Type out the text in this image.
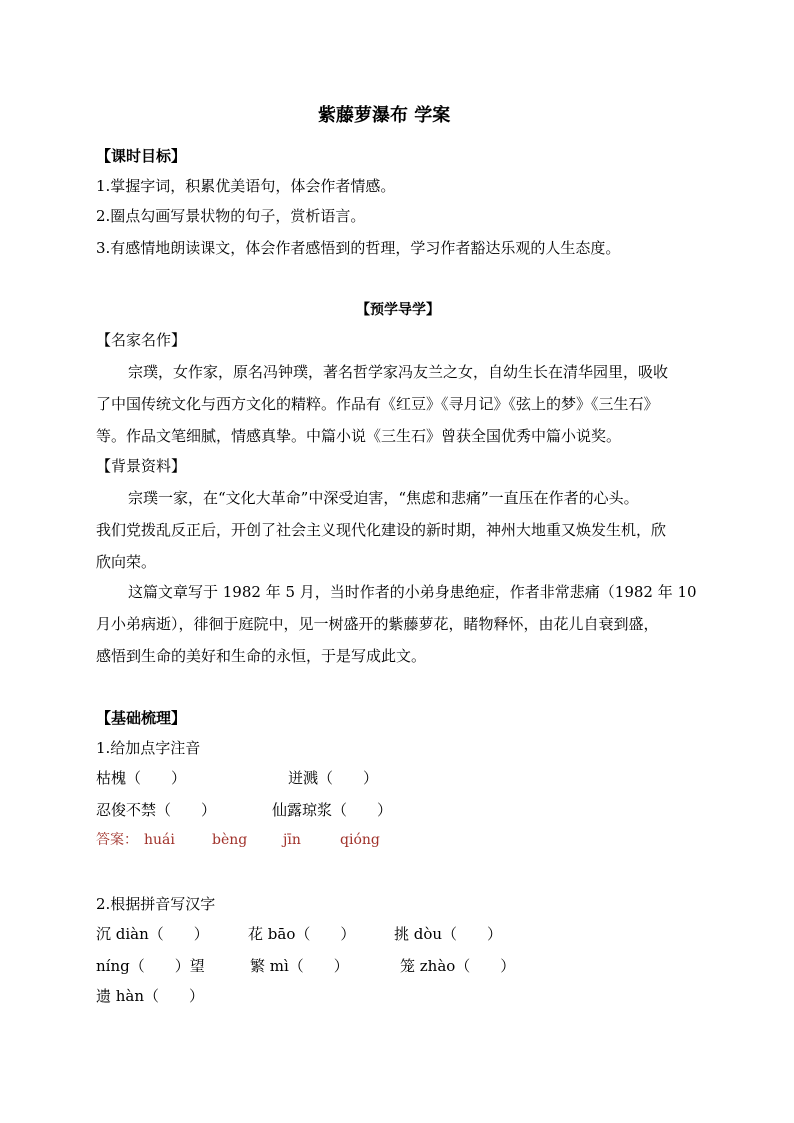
紫藤萝瀑布 学案
【课时目标】
1.掌握字词，积累优美语句，体会作者情感。
2.圈点勾画写景状物的句子，赏析语言。
3.有感情地朗读课文，体会作者感悟到的哲理，学习作者豁达乐观的人生态度。
【预学导学】
【名家名作】
宗璞，女作家，原名冯钟璞，著名哲学家冯友兰之女，自幼生长在清华园里，吸收
了中国传统文化与西方文化的精粹。作品有《红豆》《寻月记》《弦上的梦》《三生石》
等。作品文笔细腻，情感真挚。中篇小说《三生石》曾获全国优秀中篇小说奖。
【背景资料】
宗璞一家，在“文化大革命”中深受迫害，“焦虑和悲痛”一直压在作者的心头。
我们党拨乱反正后，开创了社会主义现代化建设的新时期，神州大地重又焕发生机，欣
欣向荣。
这篇文章写于 1982 年 5 月，当时作者的小弟身患绝症，作者非常悲痛（1982 年 10
月小弟病逝），徘徊于庭院中，见一树盛开的紫藤萝花，睹物释怀，由花儿自衰到盛，
感悟到生命的美好和生命的永恒，于是写成此文。
【基础梳理】
1.给加点字注音
枯槐（　　）	迸溅（　　）
忍俊不禁（　　）	仙露琼浆（　　）
答案： huái	bèng	jīn	qióng
2.根据拼音写汉字
沉 diàn（　　）	花 bāo（　　）	挑 dòu（　　）
níng（　　）望	繁 mì（　　）	笼 zhào（　　）
遗 hàn（　　）
